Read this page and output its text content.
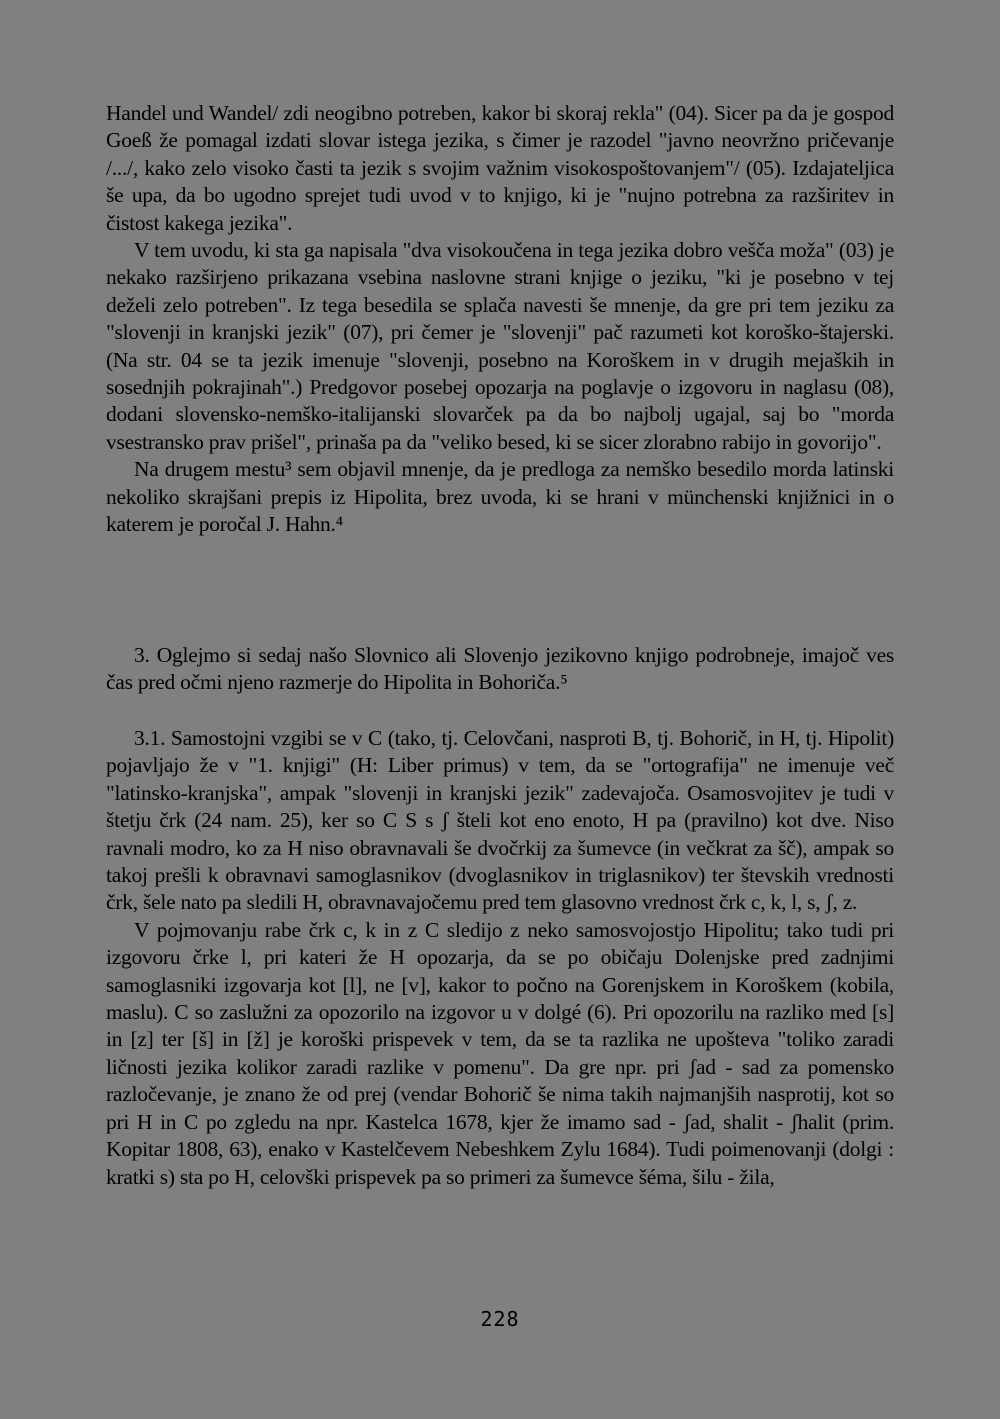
Handel und Wandel/ zdi neogibno potreben, kakor bi skoraj rekla" (04). Sicer pa da je gospod Goeß že pomagal izdati slovar istega jezika, s čimer je razodel "javno neovržno pričevanje /.../, kako zelo visoko časti ta jezik s svojim važnim visokospoštovanjem"/ (05). Izdajateljica še upa, da bo ugodno sprejet tudi uvod v to knjigo, ki je "nujno potrebna za razširitev in čistost kakega jezika".

V tem uvodu, ki sta ga napisala "dva visokoučena in tega jezika dobro vešča moža" (03) je nekako razširjeno prikazana vsebina naslovne strani knjige o jeziku, "ki je posebno v tej deželi zelo potreben". Iz tega besedila se splača navesti še mnenje, da gre pri tem jeziku za "slovenji in kranjski jezik" (07), pri čemer je "slovenji" pač razumeti kot koroško-štajerski. (Na str. 04 se ta jezik imenuje "slovenji, posebno na Koroškem in v drugih mejaških in sosednjih pokrajinah".) Predgovor posebej opozarja na poglavje o izgovoru in naglasu (08), dodani slovensko-nemško-italijanski slovarček pa da bo najbolj ugajal, saj bo "morda vsestransko prav prišel", prinaša pa da "veliko besed, ki se sicer zlorabno rabijo in govorijo".

Na drugem mestu³ sem objavil mnenje, da je predloga za nemško besedilo morda latinski nekoliko skrajšani prepis iz Hipolita, brez uvoda, ki se hrani v münchenski knjižnici in o katerem je poročal J. Hahn.⁴

3. Oglejmo si sedaj našo Slovnico ali Slovenjo jezikovno knjigo podrobneje, imajoč ves čas pred očmi njeno razmerje do Hipolita in Bohoriča.⁵

3.1. Samostojni vzgibi se v C (tako, tj. Celovčani, nasproti B, tj. Bohorič, in H, tj. Hipolit) pojavljajo že v "1. knjigi" (H: Liber primus) v tem, da se "ortografija" ne imenuje več "latinsko-kranjska", ampak "slovenji in kranjski jezik" zadevajoča. Osamosvojitev je tudi v štetju črk (24 nam. 25), ker so C S s ʃ šteli kot eno enoto, H pa (pravilno) kot dve. Niso ravnali modro, ko za H niso obravnavali še dvočrkij za šumevce (in večkrat za šč), ampak so takoj prešli k obravnavi samoglasnikov (dvoglasnikov in triglasnikov) ter števskih vrednosti črk, šele nato pa sledili H, obravnavajočemu pred tem glasovno vrednost črk c, k, l, s, ʃ, z.

V pojmovanju rabe črk c, k in z C sledijo z neko samosvojostjo Hipolitu; tako tudi pri izgovoru črke l, pri kateri že H opozarja, da se po običaju Dolenjske pred zadnjimi samoglasniki izgovarja kot [l], ne [v], kakor to počno na Gorenjskem in Koroškem (kobila, maslu). C so zaslužni za opozorilo na izgovor u v dolgé (6). Pri opozorilu na razliko med [s] in [z] ter [š] in [ž] je koroški prispevek v tem, da se ta razlika ne upošteva "toliko zaradi ličnosti jezika kolikor zaradi razlike v pomenu". Da gre npr. pri ʃad - sad za pomensko razločevanje, je znano že od prej (vendar Bohorič še nima takih najmanjših nasprotij, kot so pri H in C po zgledu na npr. Kastelca 1678, kjer že imamo sad - ʃad, shalit - ʃhalit (prim. Kopitar 1808, 63), enako v Kastelčevem Nebeshkem Zylu 1684). Tudi poimenovanji (dolgi : kratki s) sta po H, celovški prispevek pa so primeri za šumevce šéma, šilu - žila,

228
